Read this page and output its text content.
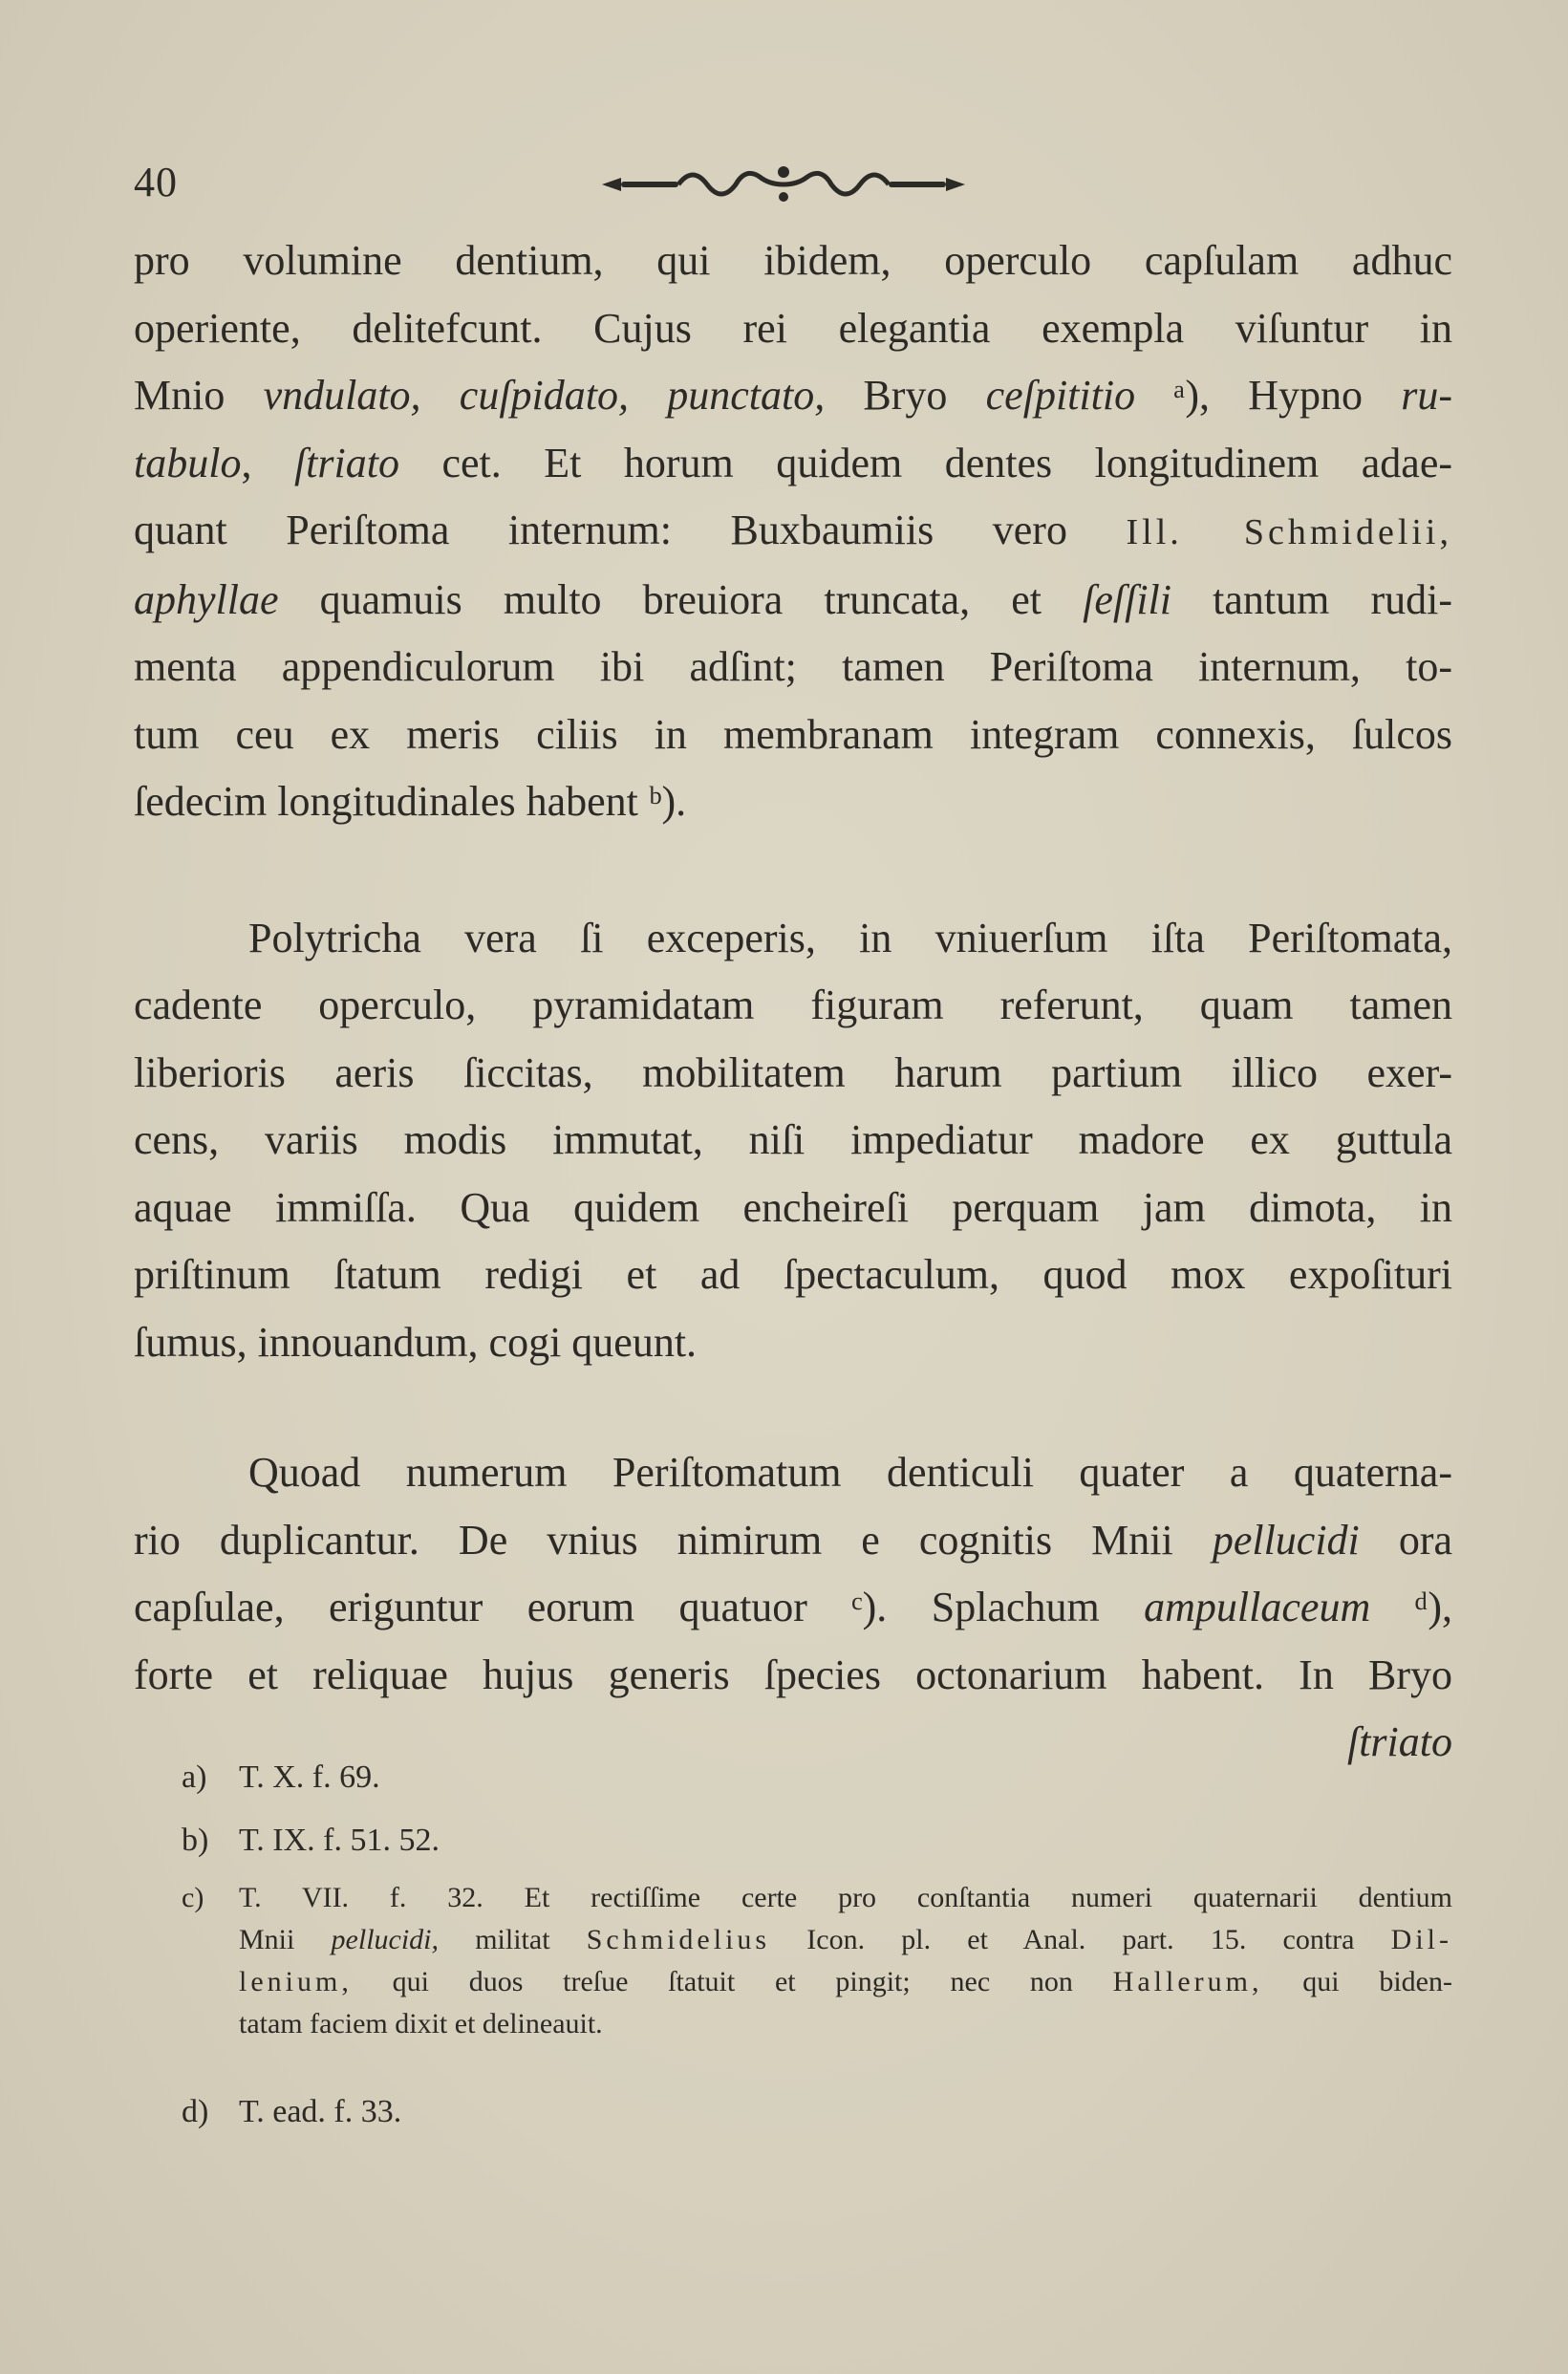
40
pro volumine dentium, qui ibidem, operculo capſulam adhuc
operiente, delitefcunt. Cujus rei elegantia exempla viſuntur in
Mnio vndulato, cuſpidato, punctato, Bryo ceſpititio ᵃ), Hypno ru-
tabulo, ſtriato cet. Et horum quidem dentes longitudinem adae-
quant Periſtoma internum: Buxbaumiis vero Ill. Schmidelii,
aphyllae quamuis multo breuiora truncata, et ſeſſili tantum rudi-
menta appendiculorum ibi adſint; tamen Periſtoma internum, to-
tum ceu ex meris ciliis in membranam integram connexis, ſulcos
ſedecim longitudinales habent ᵇ).
Polytricha vera ſi exceperis, in vniuerſum iſta Periſtomata,
cadente operculo, pyramidatam figuram referunt, quam tamen
liberioris aeris ſiccitas, mobilitatem harum partium illico exer-
cens, variis modis immutat, niſi impediatur madore ex guttula
aquae immiſſa. Qua quidem encheireſi perquam jam dimota, in
priſtinum ſtatum redigi et ad ſpectaculum, quod mox expoſituri
ſumus, innouandum, cogi queunt.
Quoad numerum Periſtomatum denticuli quater a quaterna-
rio duplicantur. De vnius nimirum e cognitis Mnii pellucidi ora
capſulae, eriguntur eorum quatuor ᶜ). Splachum ampullaceum ᵈ),
forte et reliquae hujus generis ſpecies octonarium habent. In Bryo
ſtriato
a) T. X. f. 69.
b) T. IX. f. 51. 52.
c) T. VII. f. 32. Et rectiſſime certe pro conſtantia numeri quaternarii dentium
Mnii pellucidi, militat Schmidelius Icon. pl. et Anal. part. 15. contra Dil-
lenium, qui duos treſue ſtatuit et pingit; nec non Hallerum, qui biden-
tatam faciem dixit et delineauit.
d) T. ead. f. 33.
